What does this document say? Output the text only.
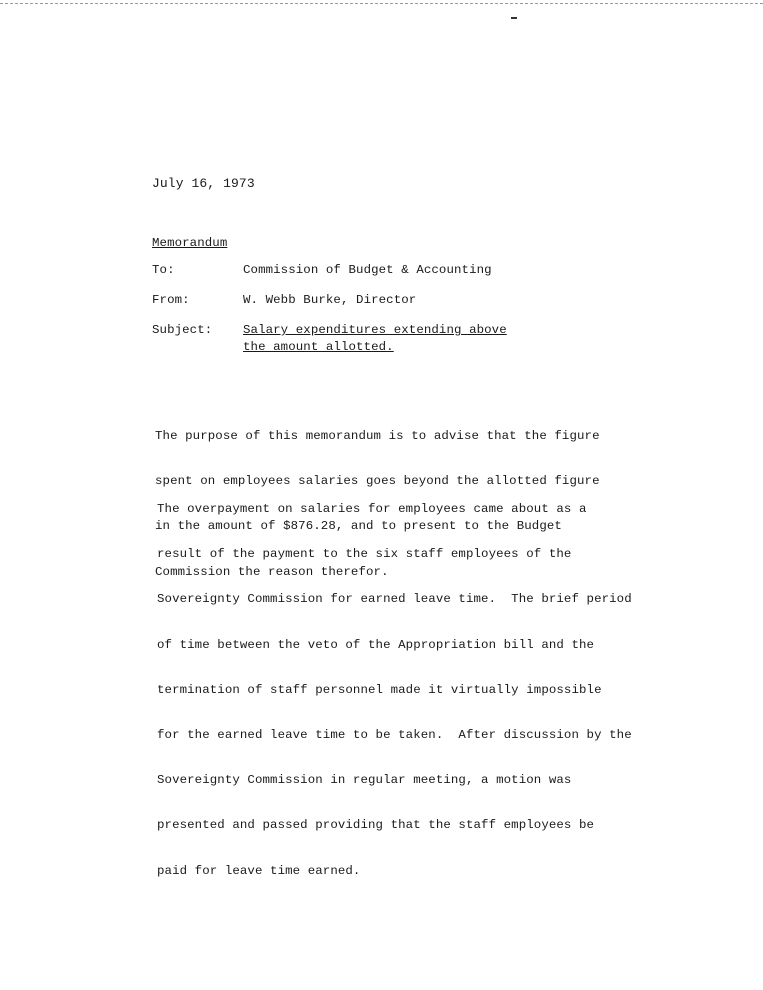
July 16, 1973
Memorandum
To:	Commission of Budget & Accounting
From:	W. Webb Burke, Director
Subject: Salary expenditures extending above
the amount allotted.

The purpose of this memorandum is to advise that the figure

spent on employees salaries goes beyond the allotted figure

in the amount of $876.28, and to present to the Budget

Commission the reason therefor.

The overpayment on salaries for employees came about as a

result of the payment to the six staff employees of the

Sovereignty Commission for earned leave time.  The brief period

of time between the veto of the Appropriation bill and the

termination of staff personnel made it virtually impossible

for the earned leave time to be taken.  After discussion by the

Sovereignty Commission in regular meeting, a motion was

presented and passed providing that the staff employees be

paid for leave time earned.
